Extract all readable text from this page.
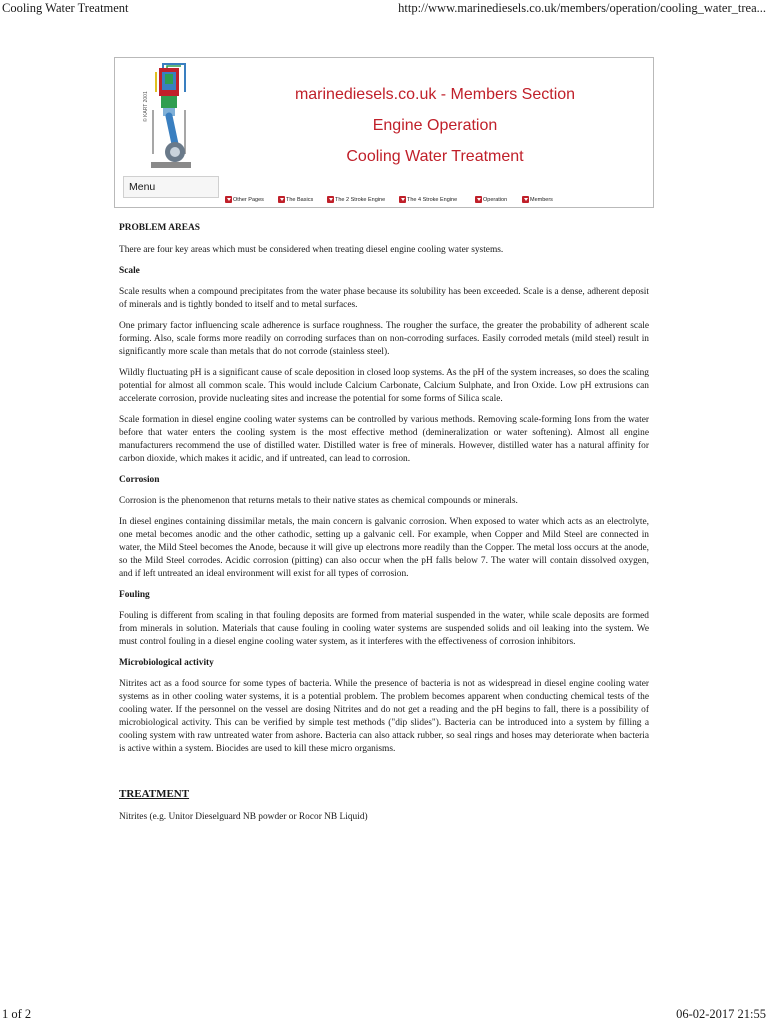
Cooling Water Treatment	http://www.marinediesels.co.uk/members/operation/cooling_water_trea...
© KART 2001
Menu
marinediesels.co.uk - Members Section
Engine Operation
Cooling Water Treatment
Other Pages	The Basics	The 2 Stroke Engine	The 4 Stroke Engine	Operation	Members
PROBLEM AREAS

There are four key areas which must be considered when treating diesel engine cooling water systems.

Scale

Scale results when a compound precipitates from the water phase because its solubility has been exceeded. Scale is a dense, adherent deposit of minerals and is tightly bonded to itself and to metal surfaces.

One primary factor influencing scale adherence is surface roughness. The rougher the surface, the greater the probability of adherent scale forming. Also, scale forms more readily on corroding surfaces than on non-corroding surfaces. Easily corroded metals (mild steel) result in significantly more scale than metals that do not corrode (stainless steel).

Wildly fluctuating pH is a significant cause of scale deposition in closed loop systems. As the pH of the system increases, so does the scaling potential for almost all common scale. This would include Calcium Carbonate, Calcium Sulphate, and Iron Oxide. Low pH extrusions can accelerate corrosion, provide nucleating sites and increase the potential for some forms of Silica scale.

Scale formation in diesel engine cooling water systems can be controlled by various methods. Removing scale-forming Ions from the water before that water enters the cooling system is the most effective method (demineralization or water softening). Almost all engine manufacturers recommend the use of distilled water. Distilled water is free of minerals. However, distilled water has a natural affinity for carbon dioxide, which makes it acidic, and if untreated, can lead to corrosion.

Corrosion

Corrosion is the phenomenon that returns metals to their native states as chemical compounds or minerals.

In diesel engines containing dissimilar metals, the main concern is galvanic corrosion. When exposed to water which acts as an electrolyte, one metal becomes anodic and the other cathodic, setting up a galvanic cell. For example, when Copper and Mild Steel are connected in water, the Mild Steel becomes the Anode, because it will give up electrons more readily than the Copper. The metal loss occurs at the anode, so the Mild Steel corrodes. Acidic corrosion (pitting) can also occur when the pH falls below 7. The water will contain dissolved oxygen, and if left untreated an ideal environment will exist for all types of corrosion.

Fouling

Fouling is different from scaling in that fouling deposits are formed from material suspended in the water, while scale deposits are formed from minerals in solution. Materials that cause fouling in cooling water systems are suspended solids and oil leaking into the system. We must control fouling in a diesel engine cooling water system, as it interferes with the effectiveness of corrosion inhibitors.

Microbiological activity

Nitrites act as a food source for some types of bacteria. While the presence of bacteria is not as widespread in diesel engine cooling water systems as in other cooling water systems, it is a potential problem. The problem becomes apparent when conducting chemical tests of the cooling water. If the personnel on the vessel are dosing Nitrites and do not get a reading and the pH begins to fall, there is a possibility of microbiological activity. This can be verified by simple test methods ("dip slides"). Bacteria can be introduced into a system by filling a cooling system with raw untreated water from ashore. Bacteria can also attack rubber, so seal rings and hoses may deteriorate when bacteria is active within a system. Biocides are used to kill these micro organisms.

TREATMENT

Nitrites (e.g. Unitor Dieselguard NB powder or Rocor NB Liquid)

1 of 2	06-02-2017 21:55
